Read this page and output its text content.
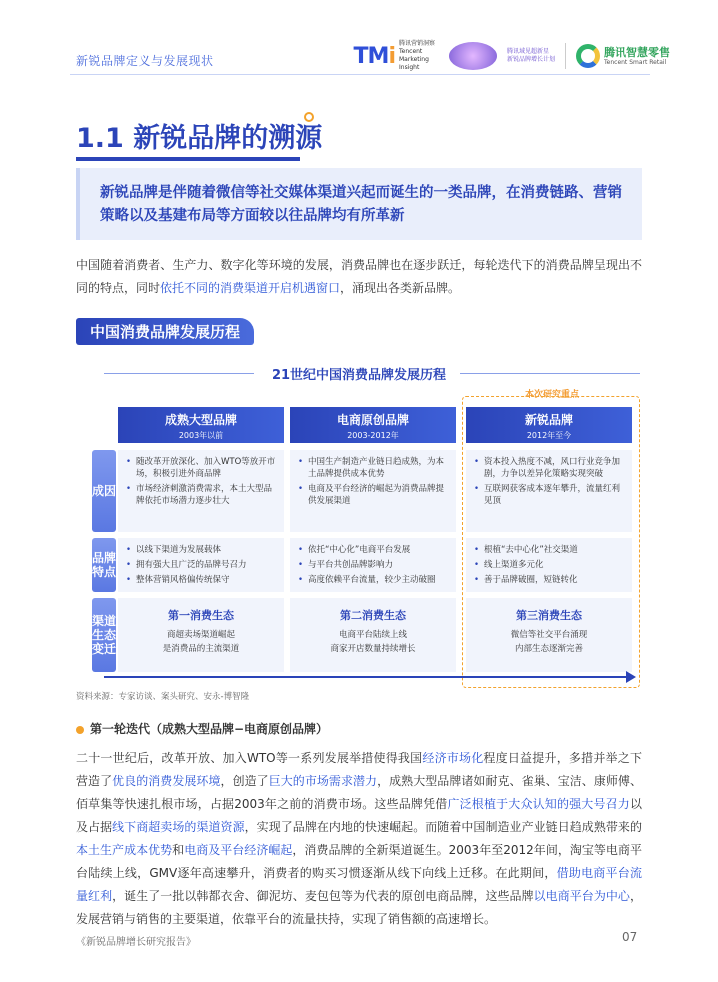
新锐品牌定义与发展现状	TMi 腾讯营销洞察 Tencent Marketing Insight
腾讯域见超新星 新锐品牌增长计划
腾讯智慧零售
Tencent Smart Retail
1.1 新锐品牌的溯源
新锐品牌是伴随着微信等社交媒体渠道兴起而诞生的一类品牌，在消费链路、营销策略以及基建布局等方面较以往品牌均有所革新
中国随着消费者、生产力、数字化等环境的发展，消费品牌也在逐步跃迁，每轮迭代下的消费品牌呈现出不同的特点，同时依托不同的消费渠道开启机遇窗口，涌现出各类新品牌。
中国消费品牌发展历程
21世纪中国消费品牌发展历程
本次研究重点
成熟大型品牌
2003年以前
电商原创品牌
2003-2012年
新锐品牌
2012年至今
成因
品牌特点
渠道生态变迁
• 随改革开放深化、加入WTO等放开市场，积极引进外商品牌
• 市场经济刺激消费需求，本土大型品牌依托市场潜力逐步壮大
• 中国生产制造产业链日趋成熟，为本土品牌提供成本优势
• 电商及平台经济的崛起为消费品牌提供发展渠道
• 资本投入热度不减，风口行业竞争加剧，力争以差异化策略实现突破
• 互联网获客成本逐年攀升，流量红利见顶
• 以线下渠道为发展载体
• 拥有强大且广泛的品牌号召力
• 整体营销风格偏传统保守
• 依托“中心化”电商平台发展
• 与平台共创品牌影响力
• 高度依赖平台流量，较少主动破圈
• 根植“去中心化”社交渠道
• 线上渠道多元化
• 善于品牌破圈，短链转化
第一消费生态
商超卖场渠道崛起
是消费品的主流渠道
第二消费生态
电商平台陆续上线
商家开店数量持续增长
第三消费生态
微信等社交平台涌现
内部生态逐渐完善
资料来源：专家访谈、案头研究、安永-博智隆
第一轮迭代（成熟大型品牌−电商原创品牌）
二十一世纪后，改革开放、加入WTO等一系列发展举措使得我国经济市场化程度日益提升，多措并举之下营造了优良的消费发展环境，创造了巨大的市场需求潜力，成熟大型品牌诸如耐克、雀巢、宝洁、康师傅、佰草集等快速扎根市场，占据2003年之前的消费市场。这些品牌凭借广泛根植于大众认知的强大号召力以及占据线下商超卖场的渠道资源，实现了品牌在内地的快速崛起。而随着中国制造业产业链日趋成熟带来的本土生产成本优势和电商及平台经济崛起，消费品牌的全新渠道诞生。2003年至2012年间，淘宝等电商平台陆续上线，GMV逐年高速攀升，消费者的购买习惯逐渐从线下向线上迁移。在此期间，借助电商平台流量红利，诞生了一批以韩都衣舍、御泥坊、麦包包等为代表的原创电商品牌，这些品牌以电商平台为中心，发展营销与销售的主要渠道，依靠平台的流量扶持，实现了销售额的高速增长。
《新锐品牌增长研究报告》	07
